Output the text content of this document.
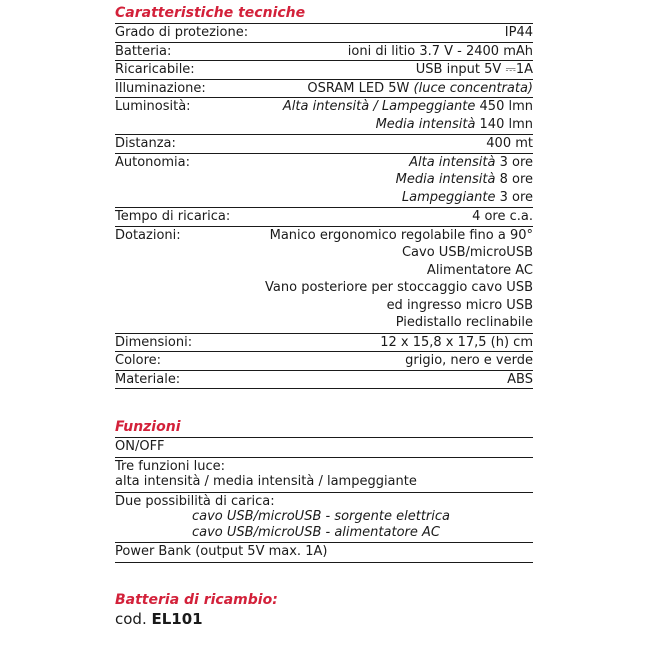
Caratteristiche tecniche
Grado di protezione:	IP44
Batteria:	ioni di litio 3.7 V - 2400 mAh
Ricaricabile:	USB input 5V ⎓1A
Illuminazione:	OSRAM LED 5W (luce concentrata)
Luminosità:	Alta intensità / Lampeggiante 450 lmn
Media intensità 140 lmn
Distanza:	400 mt
Autonomia:	Alta intensità 3 ore
Media intensità 8 ore
Lampeggiante 3 ore
Tempo di ricarica:	4 ore c.a.
Dotazioni:	Manico ergonomico regolabile fino a 90°
Cavo USB/microUSB
Alimentatore AC
Vano posteriore per stoccaggio cavo USB
ed ingresso micro USB
Piedistallo reclinabile
Dimensioni:	12 x 15,8 x 17,5 (h) cm
Colore:	grigio, nero e verde
Materiale:	ABS
Funzioni
ON/OFF
Tre funzioni luce:
alta intensità / media intensità / lampeggiante
Due possibilità di carica:
cavo USB/microUSB - sorgente elettrica
cavo USB/microUSB - alimentatore AC
Power Bank (output 5V max. 1A)
Batteria di ricambio:
cod. EL101
